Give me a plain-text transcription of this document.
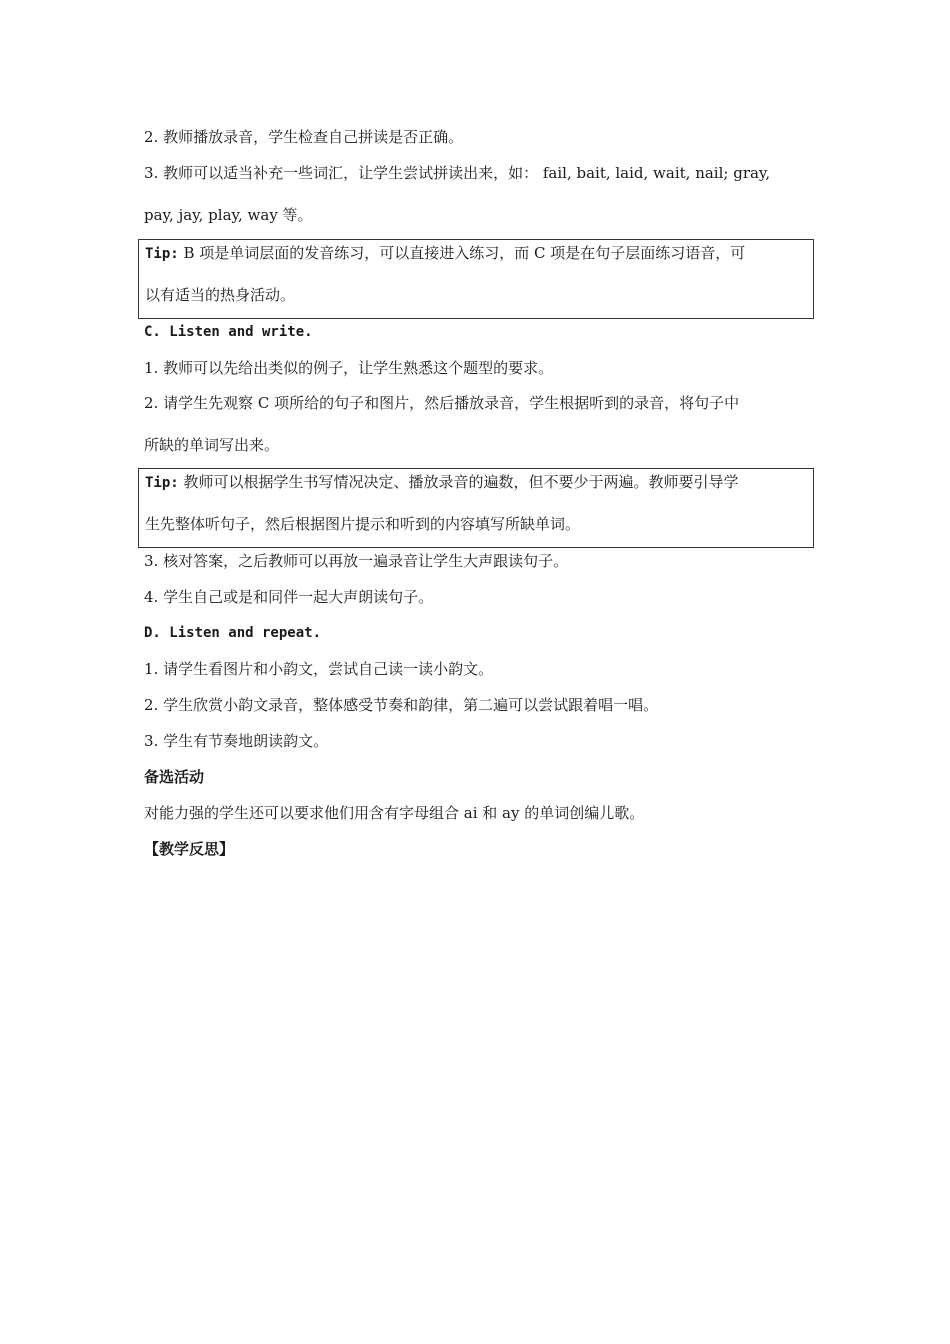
2. 教师播放录音，学生检查自己拼读是否正确。

3. 教师可以适当补充一些词汇，让学生尝试拼读出来，如： fail, bait, laid, wait, nail; gray,

pay, jay, play, way 等。

Tip: B 项是单词层面的发音练习，可以直接进入练习，而 C 项是在句子层面练习语音，可

以有适当的热身活动。

C. Listen and write.

1. 教师可以先给出类似的例子，让学生熟悉这个题型的要求。

2. 请学生先观察 C 项所给的句子和图片，然后播放录音，学生根据听到的录音，将句子中

所缺的单词写出来。

Tip: 教师可以根据学生书写情况决定、播放录音的遍数，但不要少于两遍。教师要引导学

生先整体听句子，然后根据图片提示和听到的内容填写所缺单词。

3. 核对答案，之后教师可以再放一遍录音让学生大声跟读句子。

4. 学生自己或是和同伴一起大声朗读句子。

D. Listen and repeat.

1. 请学生看图片和小韵文，尝试自己读一读小韵文。

2. 学生欣赏小韵文录音，整体感受节奏和韵律，第二遍可以尝试跟着唱一唱。

3. 学生有节奏地朗读韵文。

备选活动

对能力强的学生还可以要求他们用含有字母组合 ai 和 ay 的单词创编儿歌。

【教学反思】
